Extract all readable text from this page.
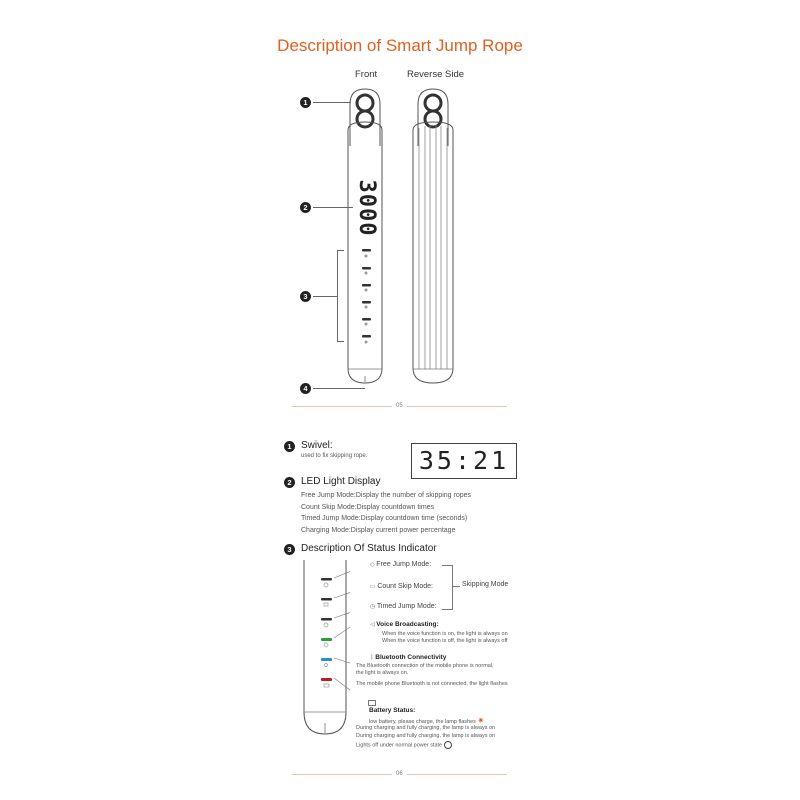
Description of Smart Jump Rope
Front	Reverse Side
3000
1
2
3
4
05
1 Swivel:
used to fix skipping rope. 35:21
2 LED Light Display
Free Jump Mode:Display the number of skipping ropes
Count Skip Mode:Display countdown times
Timed Jump Mode:Display countdown time (seconds)
Charging Mode:Display current power percentage
3 Description Of Status Indicator
◇ Free Jump Mode:
▭ Count Skip Mode:
◷ Timed Jump Mode:
Skipping Mode
◁ Voice Broadcasting:
When the voice function is on, the light is always on
When the voice function is off, the light is always off
ᛒ Bluetooth Connectivity
The Bluetooth connection of the mobile phone is normal,
the light is always on.
The mobile phone Bluetooth is not connected, the light flashes
Battery Status:
low battery, please charge, the lamp flashes ✷
During charging and fully charging, the lamp is always on
During charging and fully charging, the lamp is always on
Lights off under normal power state
06
